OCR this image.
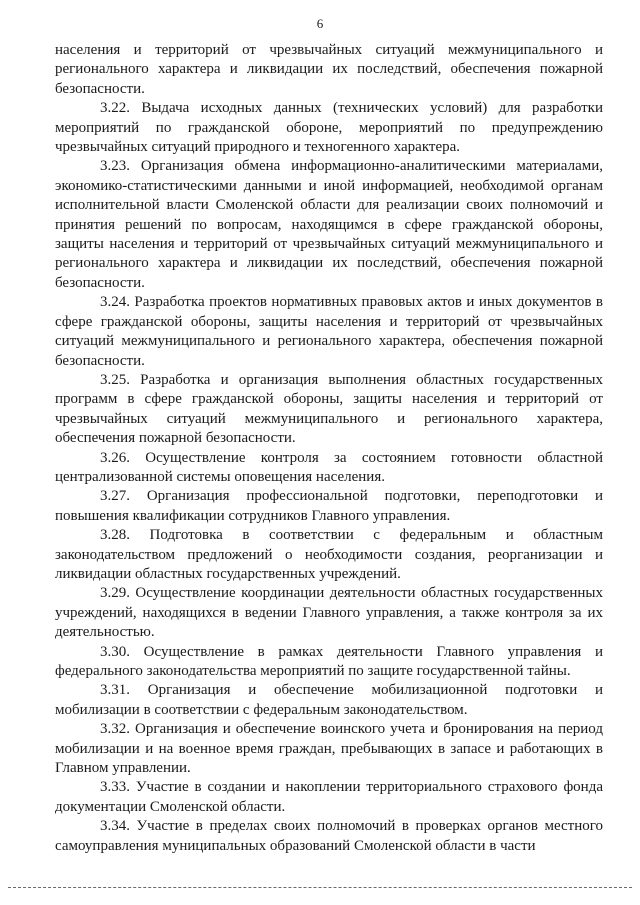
6

населения и территорий от чрезвычайных ситуаций межмуниципального и регионального характера и ликвидации их последствий, обеспечения пожарной безопасности.

3.22. Выдача исходных данных (технических условий) для разработки мероприятий по гражданской обороне, мероприятий по предупреждению чрезвычайных ситуаций природного и техногенного характера.

3.23. Организация обмена информационно-аналитическими материалами, экономико-статистическими данными и иной информацией, необходимой органам исполнительной власти Смоленской области для реализации своих полномочий и принятия решений по вопросам, находящимся в сфере гражданской обороны, защиты населения и территорий от чрезвычайных ситуаций межмуниципального и регионального характера и ликвидации их последствий, обеспечения пожарной безопасности.

3.24. Разработка проектов нормативных правовых актов и иных документов в сфере гражданской обороны, защиты населения и территорий от чрезвычайных ситуаций межмуниципального и регионального характера, обеспечения пожарной безопасности.

3.25. Разработка и организация выполнения областных государственных программ в сфере гражданской обороны, защиты населения и территорий от чрезвычайных ситуаций межмуниципального и регионального характера, обеспечения пожарной безопасности.

3.26. Осуществление контроля за состоянием готовности областной централизованной системы оповещения населения.

3.27. Организация профессиональной подготовки, переподготовки и повышения квалификации сотрудников Главного управления.

3.28. Подготовка в соответствии с федеральным и областным законодательством предложений о необходимости создания, реорганизации и ликвидации областных государственных учреждений.

3.29. Осуществление координации деятельности областных государственных учреждений, находящихся в ведении Главного управления, а также контроля за их деятельностью.

3.30. Осуществление в рамках деятельности Главного управления и федерального законодательства мероприятий по защите государственной тайны.

3.31. Организация и обеспечение мобилизационной подготовки и мобилизации в соответствии с федеральным законодательством.

3.32. Организация и обеспечение воинского учета и бронирования на период мобилизации и на военное время граждан, пребывающих в запасе и работающих в Главном управлении.

3.33. Участие в создании и накоплении территориального страхового фонда документации Смоленской области.

3.34. Участие в пределах своих полномочий в проверках органов местного самоуправления муниципальных образований Смоленской области в части
